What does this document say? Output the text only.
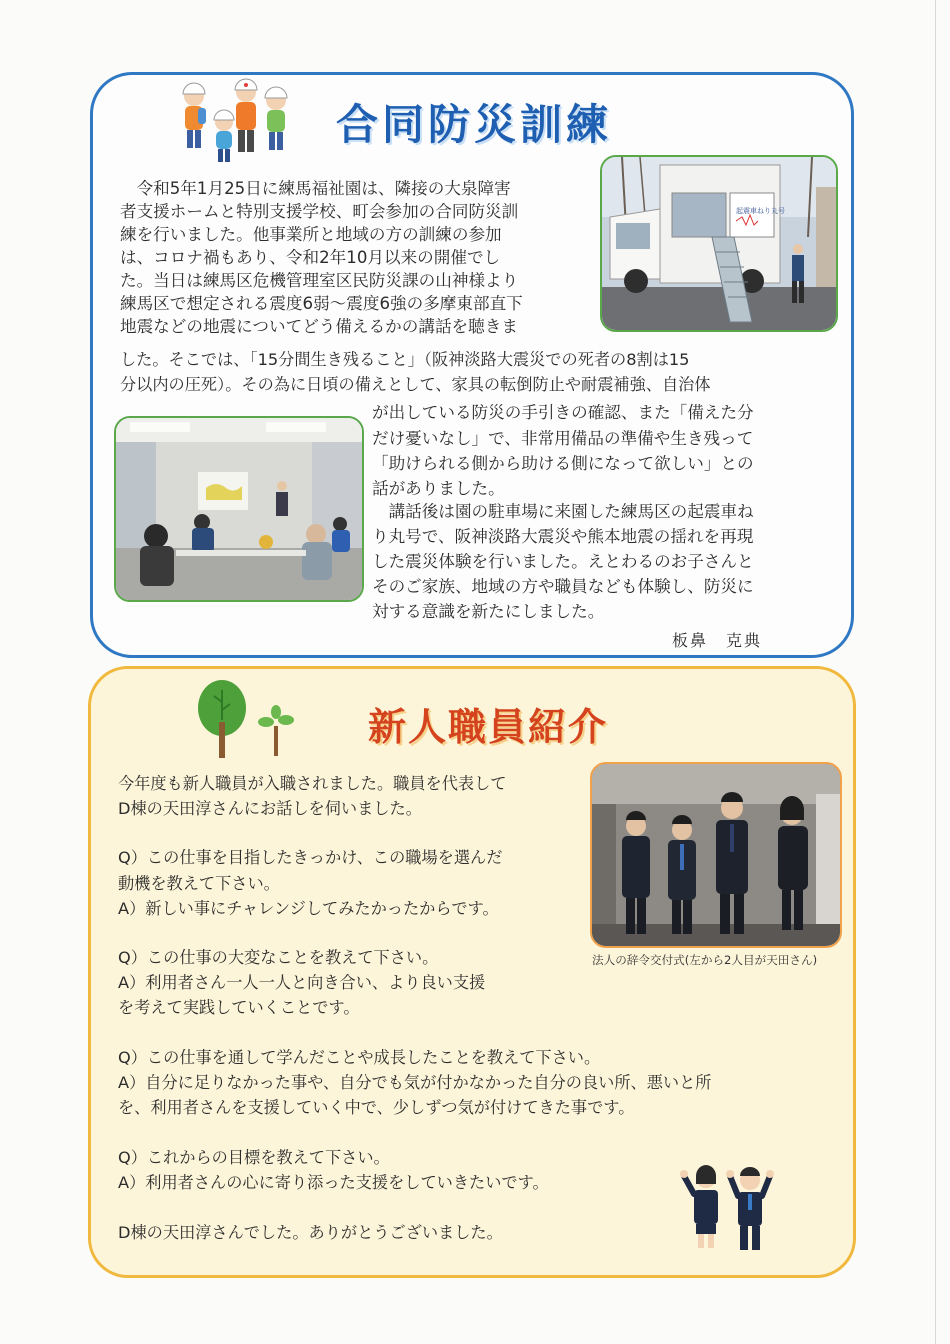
合同防災訓練
起震車ねり丸号
　令和5年1月25日に練馬福祉園は、隣接の大泉障害
者支援ホームと特別支援学校、町会参加の合同防災訓
練を行いました。他事業所と地域の方の訓練の参加
は、コロナ禍もあり、令和2年10月以来の開催でし
た。当日は練馬区危機管理室区民防災課の山神様より
練馬区で想定される震度6弱～震度6強の多摩東部直下
地震などの地震についてどう備えるかの講話を聴きま
した。そこでは、「15分間生き残ること」（阪神淡路大震災での死者の8割は15
分以内の圧死）。その為に日頃の備えとして、家具の転倒防止や耐震補強、自治体
が出している防災の手引きの確認、また「備えた分
だけ憂いなし」で、非常用備品の準備や生き残って
「助けられる側から助ける側になって欲しい」との
話がありました。
　講話後は園の駐車場に来園した練馬区の起震車ね
り丸号で、阪神淡路大震災や熊本地震の揺れを再現
した震災体験を行いました。えとわるのお子さんと
そのご家族、地域の方や職員なども体験し、防災に
対する意識を新たにしました。
板鼻　克典
新人職員紹介
法人の辞令交付式(左から2人目が天田さん)
今年度も新人職員が入職されました。職員を代表して
D棟の天田淳さんにお話しを伺いました。
Q）この仕事を目指したきっかけ、この職場を選んだ
動機を教えて下さい。
A）新しい事にチャレンジしてみたかったからです。
Q）この仕事の大変なことを教えて下さい。
A）利用者さん一人一人と向き合い、より良い支援
を考えて実践していくことです。
Q）この仕事を通して学んだことや成長したことを教えて下さい。
A）自分に足りなかった事や、自分でも気が付かなかった自分の良い所、悪いと所
を、利用者さんを支援していく中で、少しずつ気が付けてきた事です。
Q）これからの目標を教えて下さい。
A）利用者さんの心に寄り添った支援をしていきたいです。
D棟の天田淳さんでした。ありがとうございました。
